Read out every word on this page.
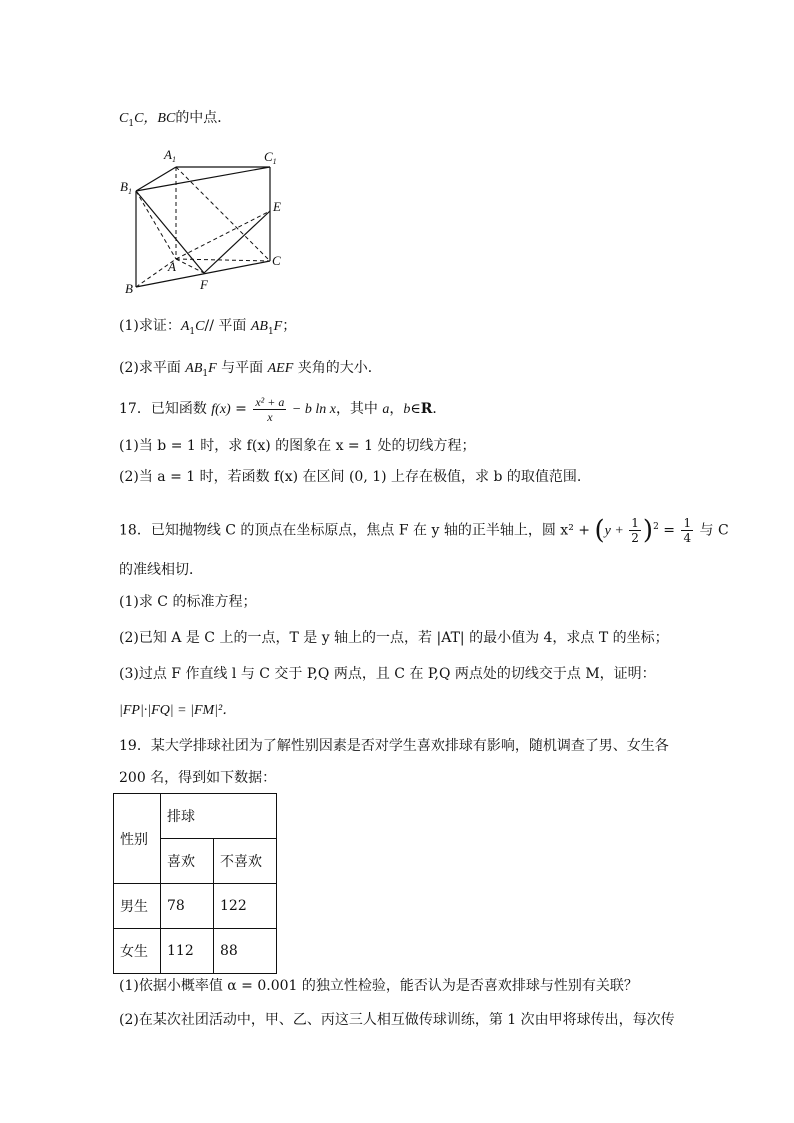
$C_1C$，BC的中点．
$A_1$	$C_1$
$B_1$
E
A	C
B	F
(1)求证：$A_1C//$ 平面 $AB_1F$；
(2)求平面 $AB_1F$ 与平面 AEF 夹角的大小．
17．已知函数 $f(x) = \frac{\text{x² + a}}{x} - b$ ln x，其中 a，b∈R．
(1)当 b = 1 时，求 f(x) 的图象在 x = 1 处的切线方程；
(2)当 a = 1 时，若函数 f(x) 在区间 (0, 1) 上存在极值，求 b 的取值范围.
18．已知抛物线 C 的顶点在坐标原点，焦点 F 在 y 轴的正半轴上，圆 $x^2 + (y + \frac{1}{2} )^2 = \frac{1}{4}$ 与 C
的准线相切．
(1)求 C 的标准方程；
(2)已知 A 是 C 上的一点，T 是 y 轴上的一点，若 |AT| 的最小值为 4，求点 T 的坐标；
(3)过点 F 作直线 l 与 C 交于 P,Q 两点，且 C 在 P,Q 两点处的切线交于点 M，证明：
|FP|·|FQ| = |FM|²．
19．某大学排球社团为了解性别因素是否对学生喜欢排球有影响，随机调查了男、女生各 200 名，得到如下数据：
性别	排球	
	喜欢	不喜欢
男生	78	122
女生	112	88
(1)依据小概率值 α = 0.001 的独立性检验，能否认为是否喜欢排球与性别有关联？
(2)在某次社团活动中，甲、乙、丙这三人相互做传球训练，第 1 次由甲将球传出，每次传
